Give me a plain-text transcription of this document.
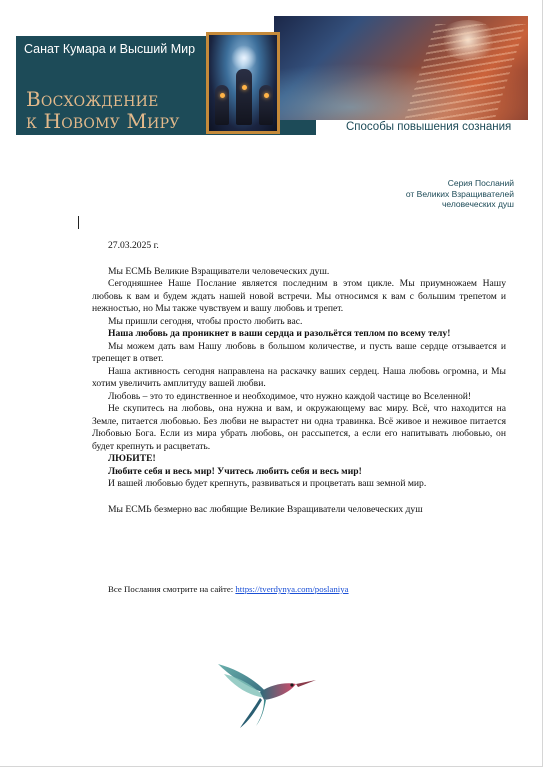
Санат Кумара и Высший Мир
Восхождение
к Новому Миру	Способы повышения сознания
Серия Посланий
от Великих Взращивателей
человеческих душ

27.03.2025 г.

Мы ЕСМЬ Великие Взращиватели человеческих душ.

Сегодняшнее Наше Послание является последним в этом цикле. Мы приумножаем Нашу любовь к вам и будем ждать нашей новой встречи. Мы относимся к вам с большим трепетом и нежностью, но Мы также чувствуем и вашу любовь и трепет.

Мы пришли сегодня, чтобы просто любить вас.

Наша любовь да проникнет в ваши сердца и разольётся теплом по всему телу!

Мы можем дать вам Нашу любовь в большом количестве, и пусть ваше сердце отзывается и трепещет в ответ.

Наша активность сегодня направлена на раскачку ваших сердец. Наша любовь огромна, и Мы хотим увеличить амплитуду вашей любви.

Любовь – это то единственное и необходимое, что нужно каждой частице во Вселенной!

Не скупитесь на любовь, она нужна и вам, и окружающему вас миру. Всё, что находится на Земле, питается любовью. Без любви не вырастет ни одна травинка. Всё живое и неживое питается Любовью Бога. Если из мира убрать любовь, он рассыпется, а если его напитывать любовью, он будет крепнуть и расцветать.

ЛЮБИТЕ!

Любите себя и весь мир! Учитесь любить себя и весь мир!

И вашей любовью будет крепнуть, развиваться и процветать ваш земной мир.

Мы ЕСМЬ безмерно вас любящие Великие Взращиватели человеческих душ

Все Послания смотрите на сайте: https://tverdynya.com/poslaniya
